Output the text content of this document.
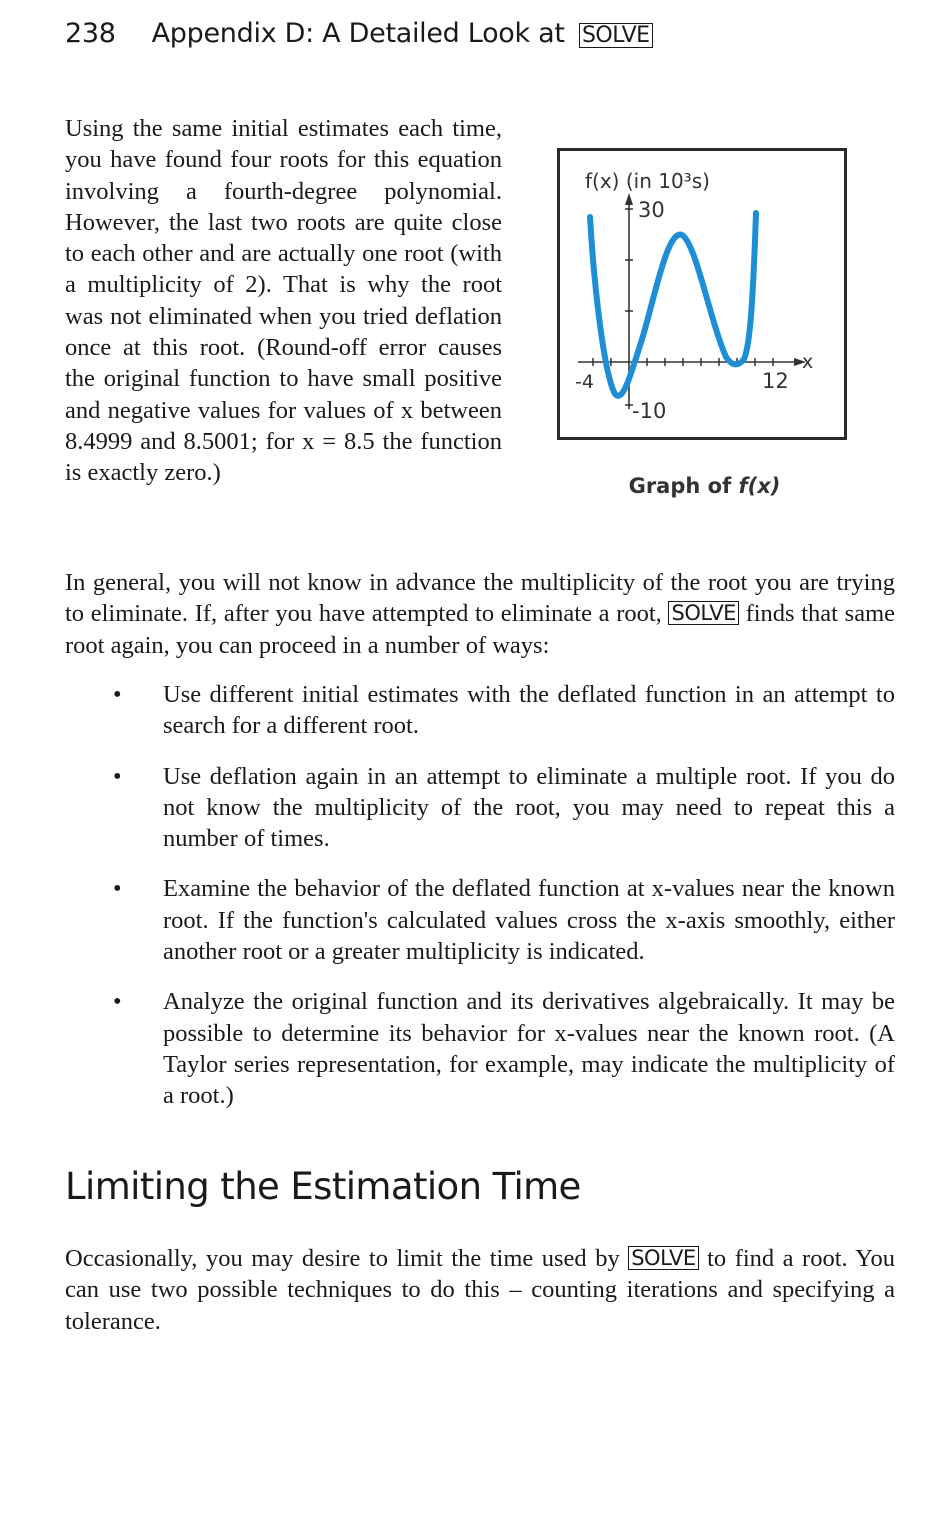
238 Appendix D: A Detailed Look at SOLVE

Using the same initial estimates each time, you have found four roots for this equation involving a fourth-degree polynomial. However, the last two roots are quite close to each other and are actually one root (with a multiplicity of 2). That is why the root was not eliminated when you tried deflation once at this root. (Round-off error causes the original function to have small positive and negative values for values of x between 8.4999 and 8.5001; for x = 8.5 the function is exactly zero.)

f(x) (in 10³s)
30
-10
-4	12
x
Graph of f(x)

In general, you will not know in advance the multiplicity of the root you are trying to eliminate. If, after you have attempted to eliminate a root, SOLVE finds that same root again, you can proceed in a number of ways:

• Use different initial estimates with the deflated function in an attempt to search for a different root.
• Use deflation again in an attempt to eliminate a multiple root. If you do not know the multiplicity of the root, you may need to repeat this a number of times.
• Examine the behavior of the deflated function at x-values near the known root. If the function's calculated values cross the x-axis smoothly, either another root or a greater multiplicity is indicated.
• Analyze the original function and its derivatives algebraically. It may be possible to determine its behavior for x-values near the known root. (A Taylor series representation, for example, may indicate the multiplicity of a root.)
Limiting the Estimation Time

Occasionally, you may desire to limit the time used by SOLVE to find a root. You can use two possible techniques to do this – counting iterations and specifying a tolerance.
